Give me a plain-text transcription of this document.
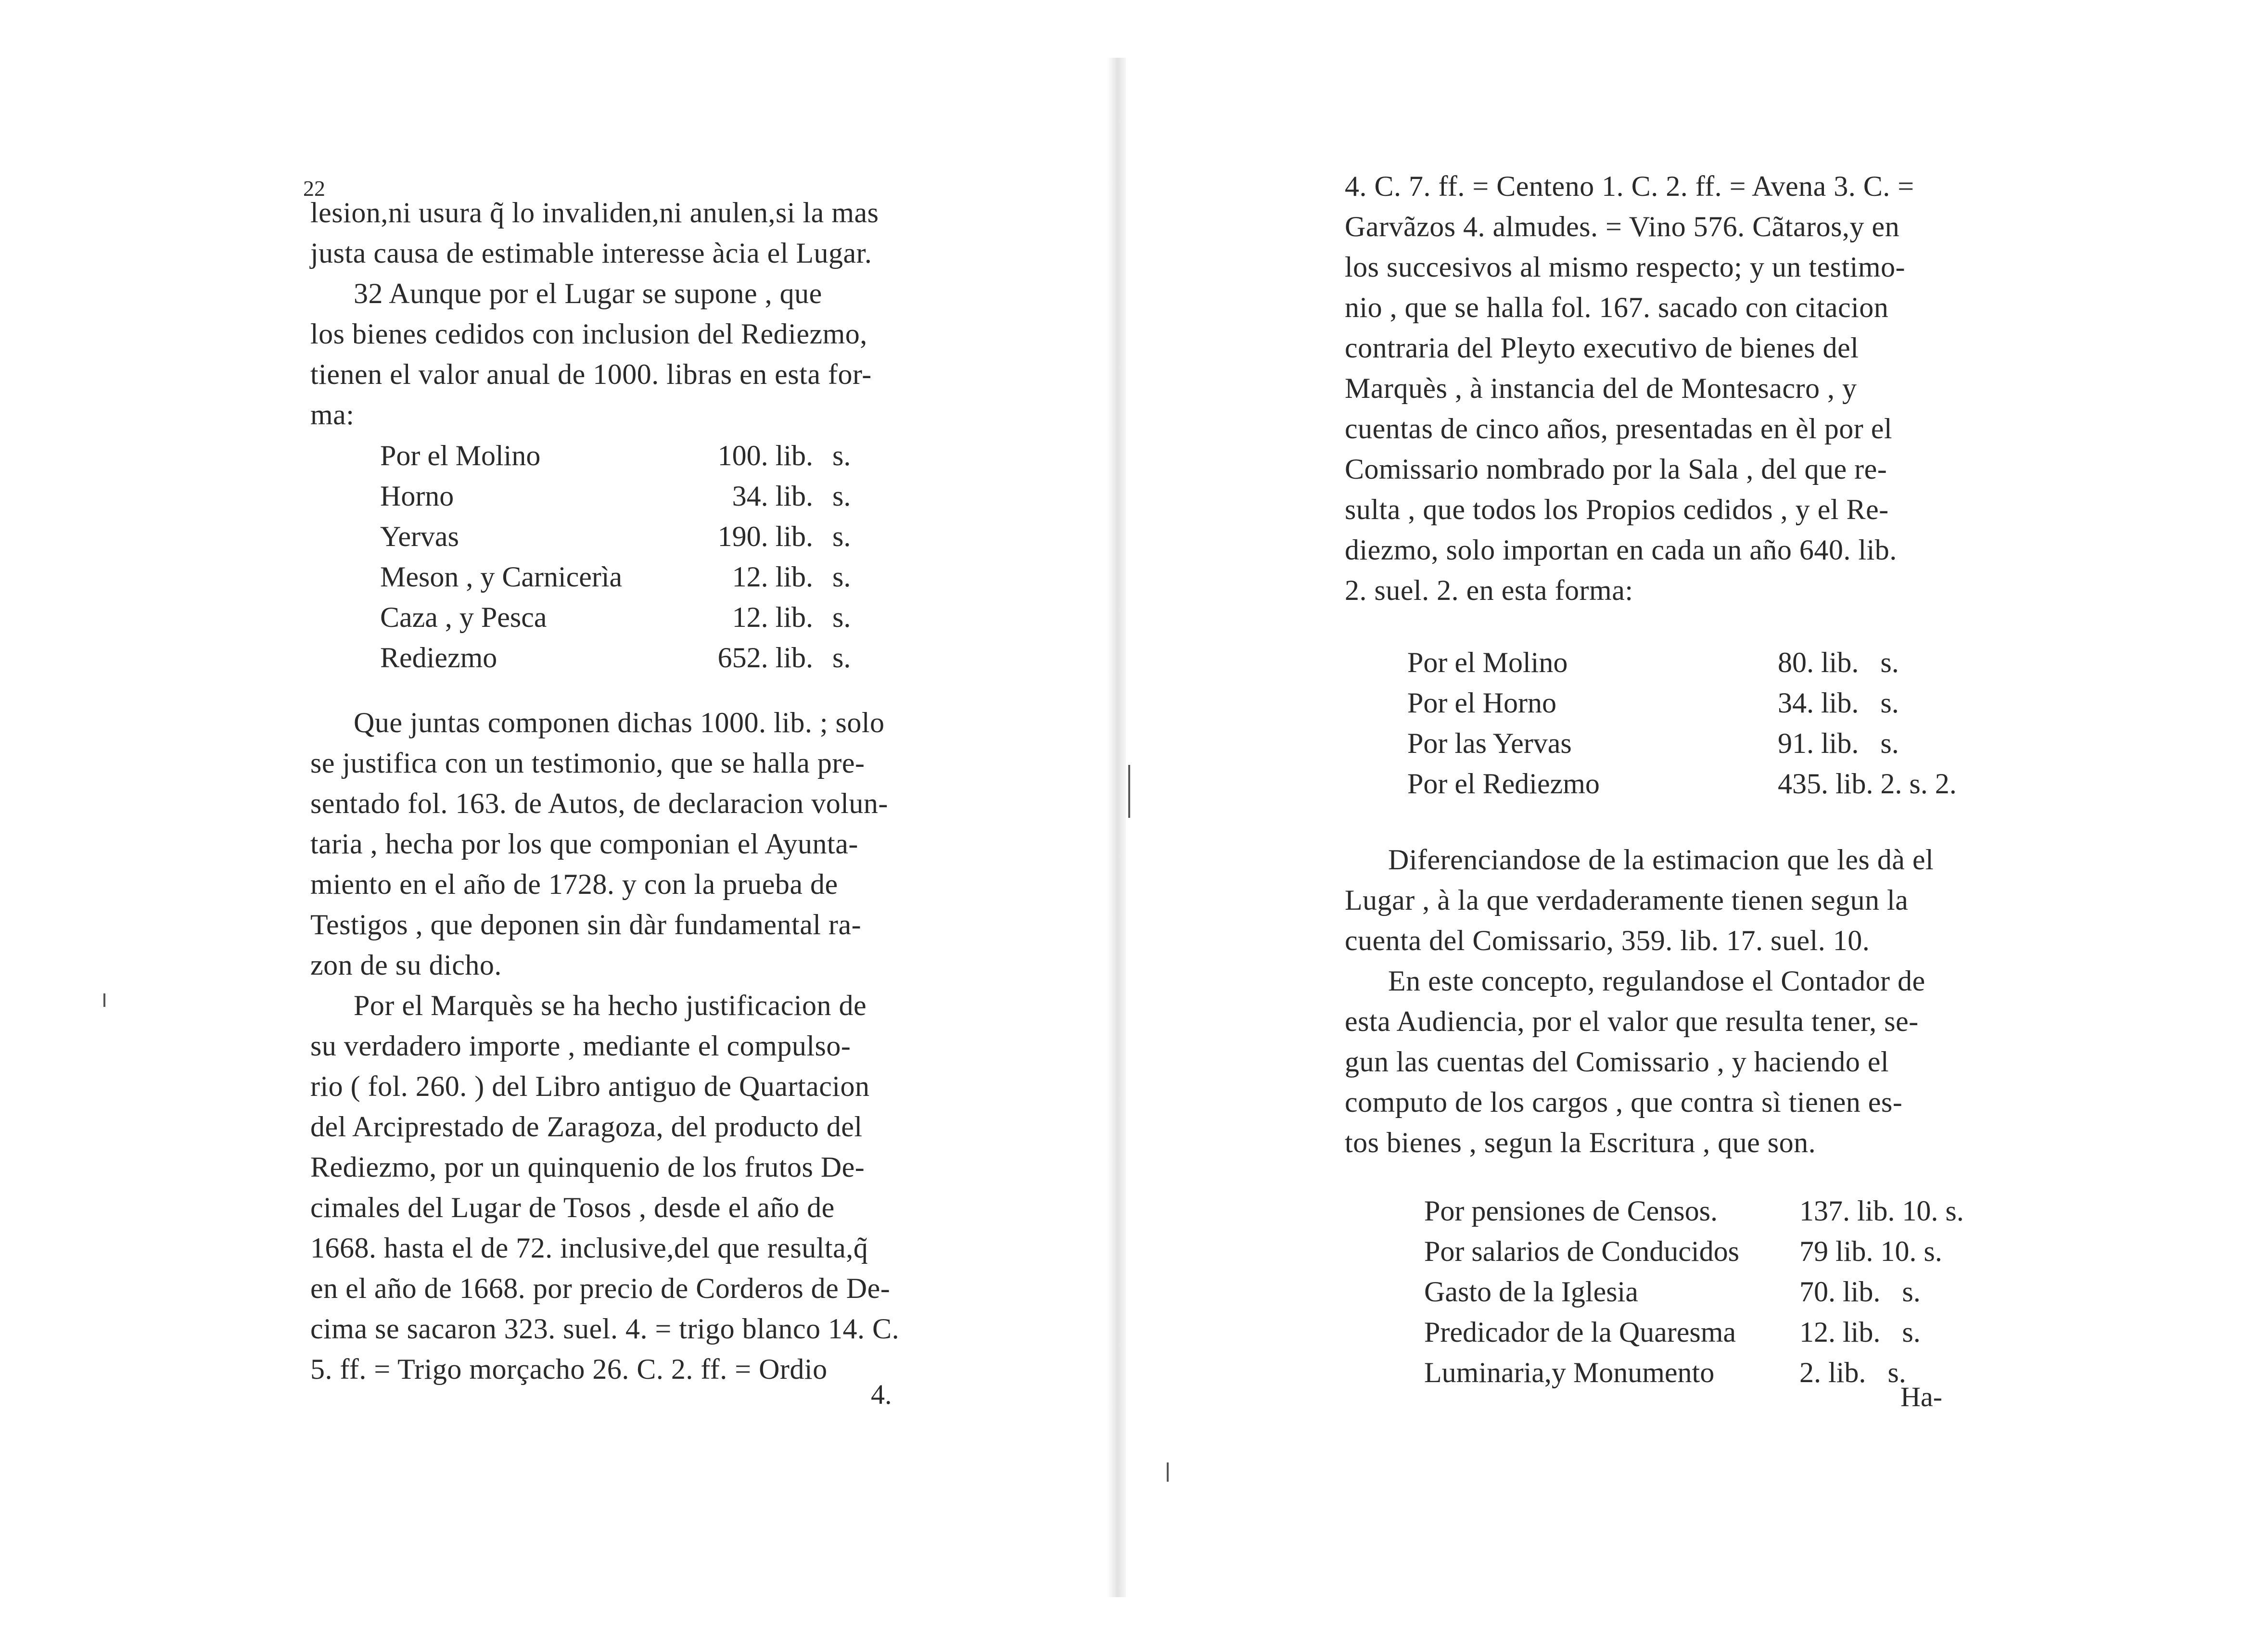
22

lesion,ni usura q̃ lo invaliden,ni anulen,si la mas

justa causa de estimable interesse àcia el Lugar.

32 Aunque por el Lugar se supone , que

los bienes cedidos con inclusion del Rediezmo,

tienen el valor anual de 1000. libras en esta for-

ma:

Por el Molino	100. lib.	s.
Horno	34. lib.	s.
Yervas	190. lib.	s.
Meson , y Carnicerìa	12. lib.	s.
Caza , y Pesca	12. lib.	s.
Rediezmo	652. lib.	s.

Que juntas componen dichas 1000. lib. ; solo

se justifica con un testimonio, que se halla pre-

sentado fol. 163. de Autos, de declaracion volun-

taria , hecha por los que componian el Ayunta-

miento en el año de 1728. y con la prueba de

Testigos , que deponen sin dàr fundamental ra-

zon de su dicho.

Por el Marquès se ha hecho justificacion de

su verdadero importe , mediante el compulso-

rio ( fol. 260. ) del Libro antiguo de Quartacion

del Arciprestado de Zaragoza, del producto del

Rediezmo, por un quinquenio de los frutos De-

cimales del Lugar de Tosos , desde el año de

1668. hasta el de 72. inclusive,del que resulta,q̃

en el año de 1668. por precio de Corderos de De-

cima se sacaron 323. suel. 4. = trigo blanco 14. C.

5. ff. = Trigo morçacho 26. C. 2. ff. = Ordio

4.

4. C. 7. ff. = Centeno 1. C. 2. ff. = Avena 3. C. =

Garvãzos 4. almudes. = Vino 576. Cãtaros,y en

los succesivos al mismo respecto; y un testimo-

nio , que se halla fol. 167. sacado con citacion

contraria del Pleyto executivo de bienes del

Marquès , à instancia del de Montesacro , y

cuentas de cinco años, presentadas en èl por el

Comissario nombrado por la Sala , del que re-

sulta , que todos los Propios cedidos , y el Re-

diezmo, solo importan en cada un año 640. lib.

2. suel. 2. en esta forma:

Por el Molino	80. lib.   s.
Por el Horno	34. lib.   s.
Por las Yervas	91. lib.   s.
Por el Rediezmo	435. lib. 2. s. 2.

Diferenciandose de la estimacion que les dà el

Lugar , à la que verdaderamente tienen segun la

cuenta del Comissario, 359. lib. 17. suel. 10.

En este concepto, regulandose el Contador de

esta Audiencia, por el valor que resulta tener, se-

gun las cuentas del Comissario , y haciendo el

computo de los cargos , que contra sì tienen es-

tos bienes , segun la Escritura , que son.

Por pensiones de Censos.	137. lib. 10. s.
Por salarios de Conducidos	79 lib. 10. s.
Gasto de la Iglesia	70. lib.   s.
Predicador de la Quaresma	12. lib.   s.
Luminaria,y Monumento	2. lib.   s.
Ha-
